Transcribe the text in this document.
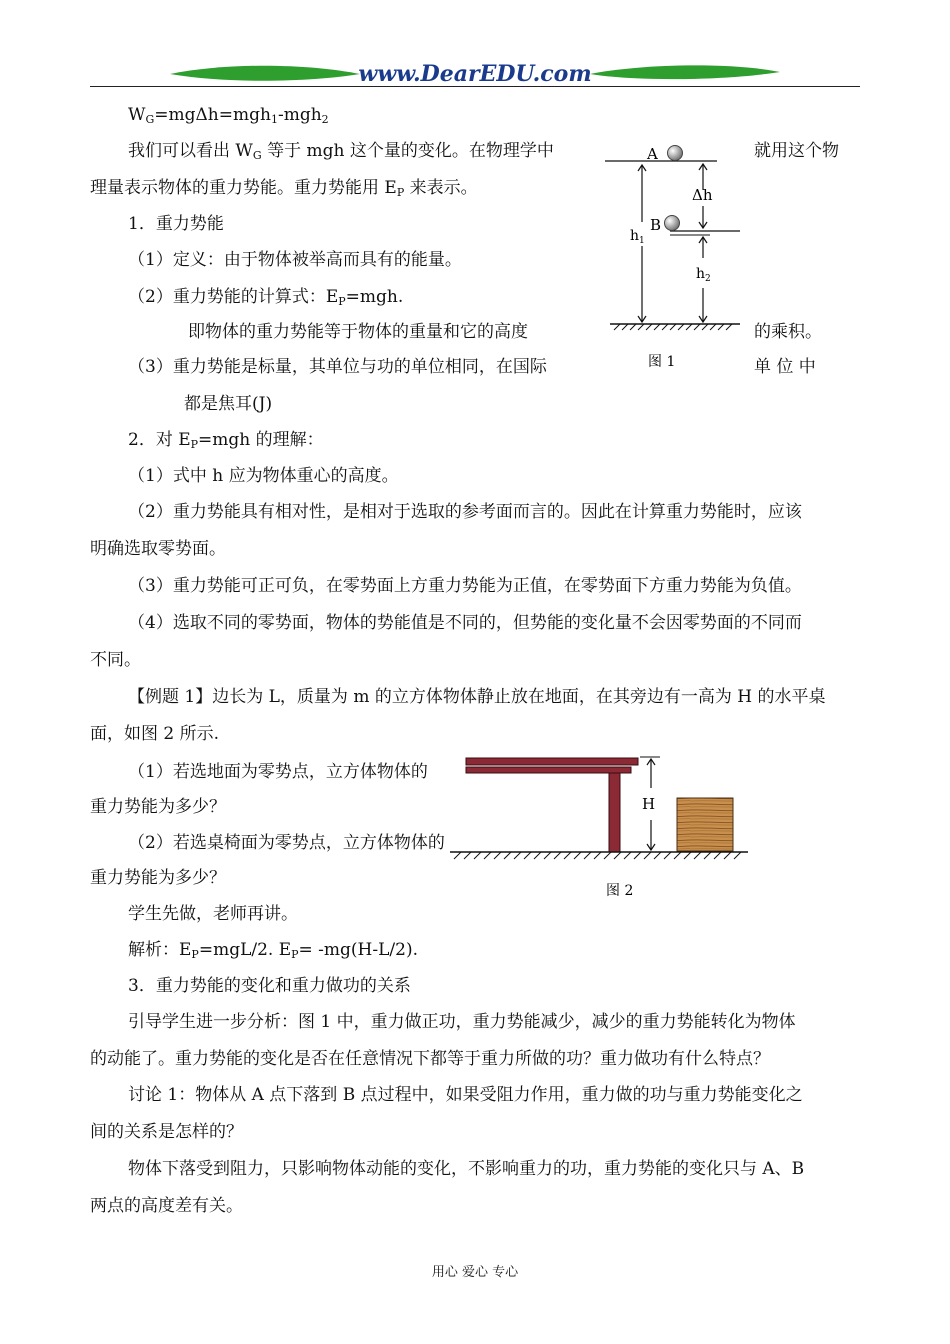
www.DearEDU.com
$W_G=mg\Delta h=mgh_1-mgh_2$
我们可以看出 $W_G$ 等于 mgh 这个量的变化。在物理学中	就用这个物
理量表示物体的重力势能。重力势能用 $E_P$ 来表示。
1．重力势能
（1）定义：由于物体被举高而具有的能量。
（2）重力势能的计算式：$E_P=mgh$.
即物体的重力势能等于物体的重量和它的高度	的乘积。
（3）重力势能是标量，其单位与功的单位相同，在国际	单 位 中
都是焦耳(J)
2．对 $E_P=mgh$ 的理解：
（1）式中 h 应为物体重心的高度。
（2）重力势能具有相对性，是相对于选取的参考面而言的。因此在计算重力势能时，应该
明确选取零势面。
（3）重力势能可正可负，在零势面上方重力势能为正值，在零势面下方重力势能为负值。
（4）选取不同的零势面，物体的势能值是不同的，但势能的变化量不会因零势面的不同而
不同。
【例题 1】边长为 L，质量为 m 的立方体物体静止放在地面，在其旁边有一高为 H 的水平桌
面，如图 2 所示.
（1）若选地面为零势点，立方体物体的
重力势能为多少？
（2）若选桌椅面为零势点，立方体物体的
重力势能为多少？
学生先做，老师再讲。
解析：$E_P=mgL/2$. $E_P= -mg(H-L/2)$.
3．重力势能的变化和重力做功的关系
引导学生进一步分析：图 1 中，重力做正功，重力势能减少，减少的重力势能转化为物体
的动能了。重力势能的变化是否在任意情况下都等于重力所做的功？重力做功有什么特点？
讨论 1：物体从 A 点下落到 B 点过程中，如果受阻力作用，重力做的功与重力势能变化之
间的关系是怎样的？
物体下落受到阻力，只影响物体动能的变化，不影响重力的功，重力势能的变化只与 A、B
两点的高度差有关。
A
B
Δh
$h_1$
$h_2$
图 1
H
图 2
用心 爱心 专心
